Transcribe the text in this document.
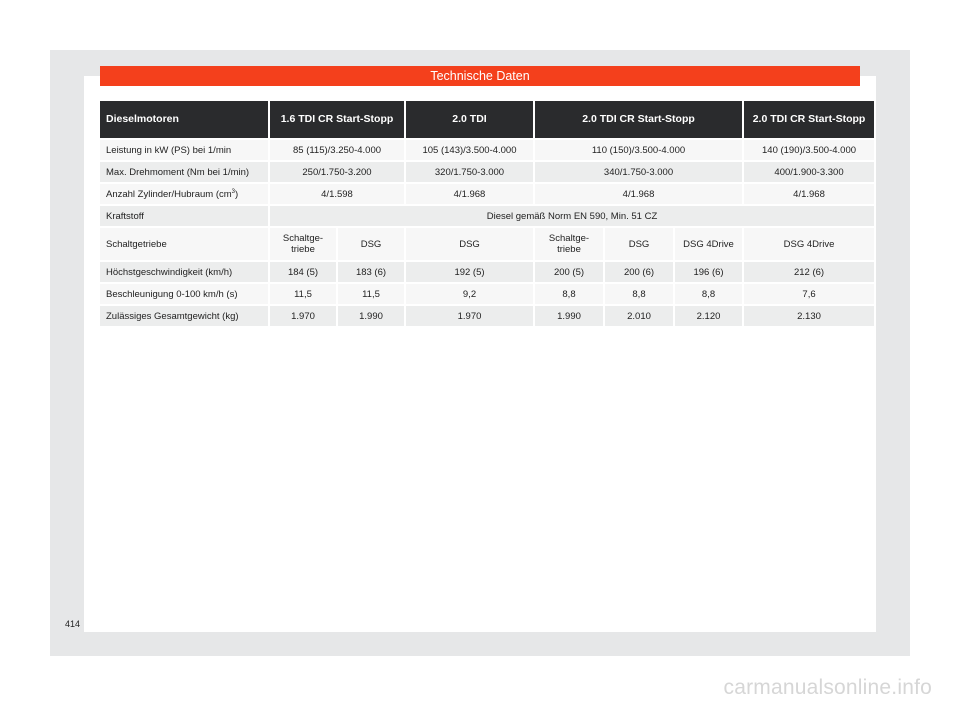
Technische Daten
Dieselmotoren	1.6 TDI CR Start-Stopp		2.0 TDI	2.0 TDI CR Start-Stopp			2.0 TDI CR Start-Stopp
Leistung in kW (PS) bei 1/min	85 (115)/3.250-4.000		105 (143)/3.500-4.000	110 (150)/3.500-4.000			140 (190)/3.500-4.000
Max. Drehmoment (Nm bei 1/min)	250/1.750-3.200		320/1.750-3.000	340/1.750-3.000			400/1.900-3.300
Anzahl Zylinder/Hubraum $(cm^3)$	4/1.598		4/1.968	4/1.968			4/1.968
Kraftstoff	Diesel gemäß Norm EN 590, Min. 51 CZ						
Schaltgetriebe	Schaltge-triebe	DSG	DSG	Schaltge-triebe	DSG	DSG 4Drive	DSG 4Drive
Höchstgeschwindigkeit (km/h)	184 (5)	183 (6)	192 (5)	200 (5)	200 (6)	196 (6)	212 (6)
Beschleunigung 0-100 km/h (s)	11,5	11,5	9,2	8,8	8,8	8,8	7,6
Zulässiges Gesamtgewicht (kg)	1.970	1.990	1.970	1.990	2.010	2.120	2.130
414
carmanualsonline.info
